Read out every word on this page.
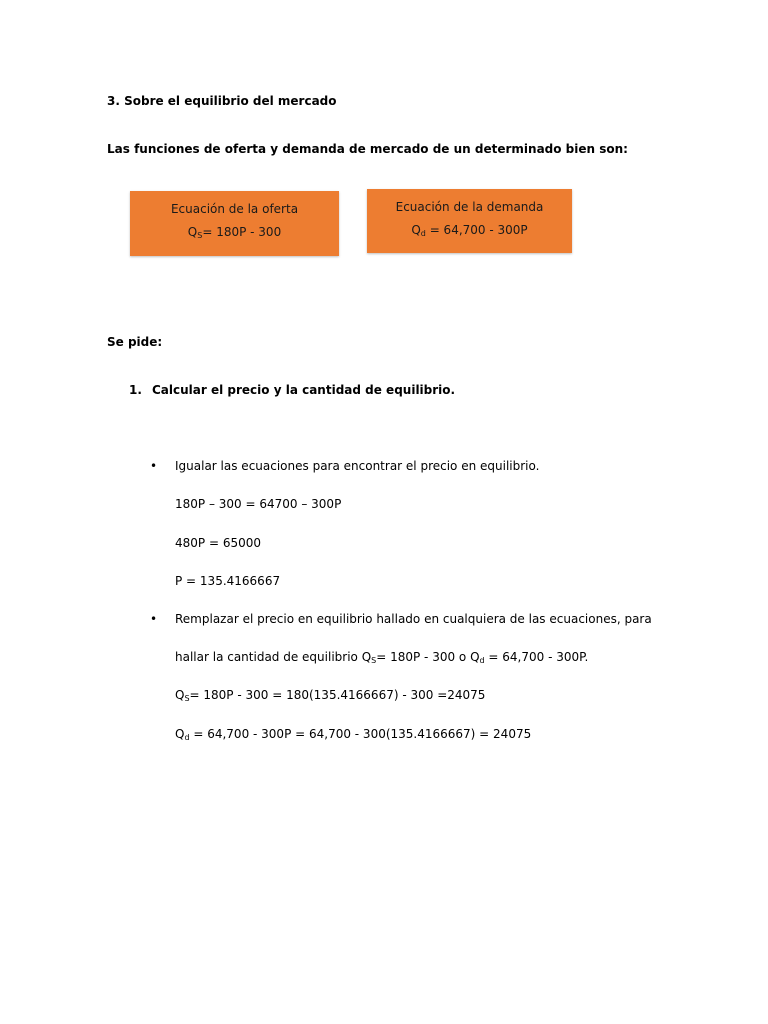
3. Sobre el equilibrio del mercado
Las funciones de oferta y demanda de mercado de un determinado bien son:
Ecuación de la oferta
$Q_S= 180P - 300$
Ecuación de la demanda
$Q_d = 64,700 - 300P$
Se pide:
1. Calcular el precio y la cantidad de equilibrio.
• Igualar las ecuaciones para encontrar el precio en equilibrio.
180P – 300 = 64700 – 300P
480P = 65000
P = 135.4166667
• Remplazar el precio en equilibrio hallado en cualquiera de las ecuaciones, para
hallar la cantidad de equilibrio $Q_S= 180P - 300$ o $Q_d = 64,700 - 300P$.
$Q_S= 180P - 300 = 180(135.4166667) - 300 =24075$
$Q_d = 64,700 - 300P = 64,700 - 300(135.4166667) = 24075$
